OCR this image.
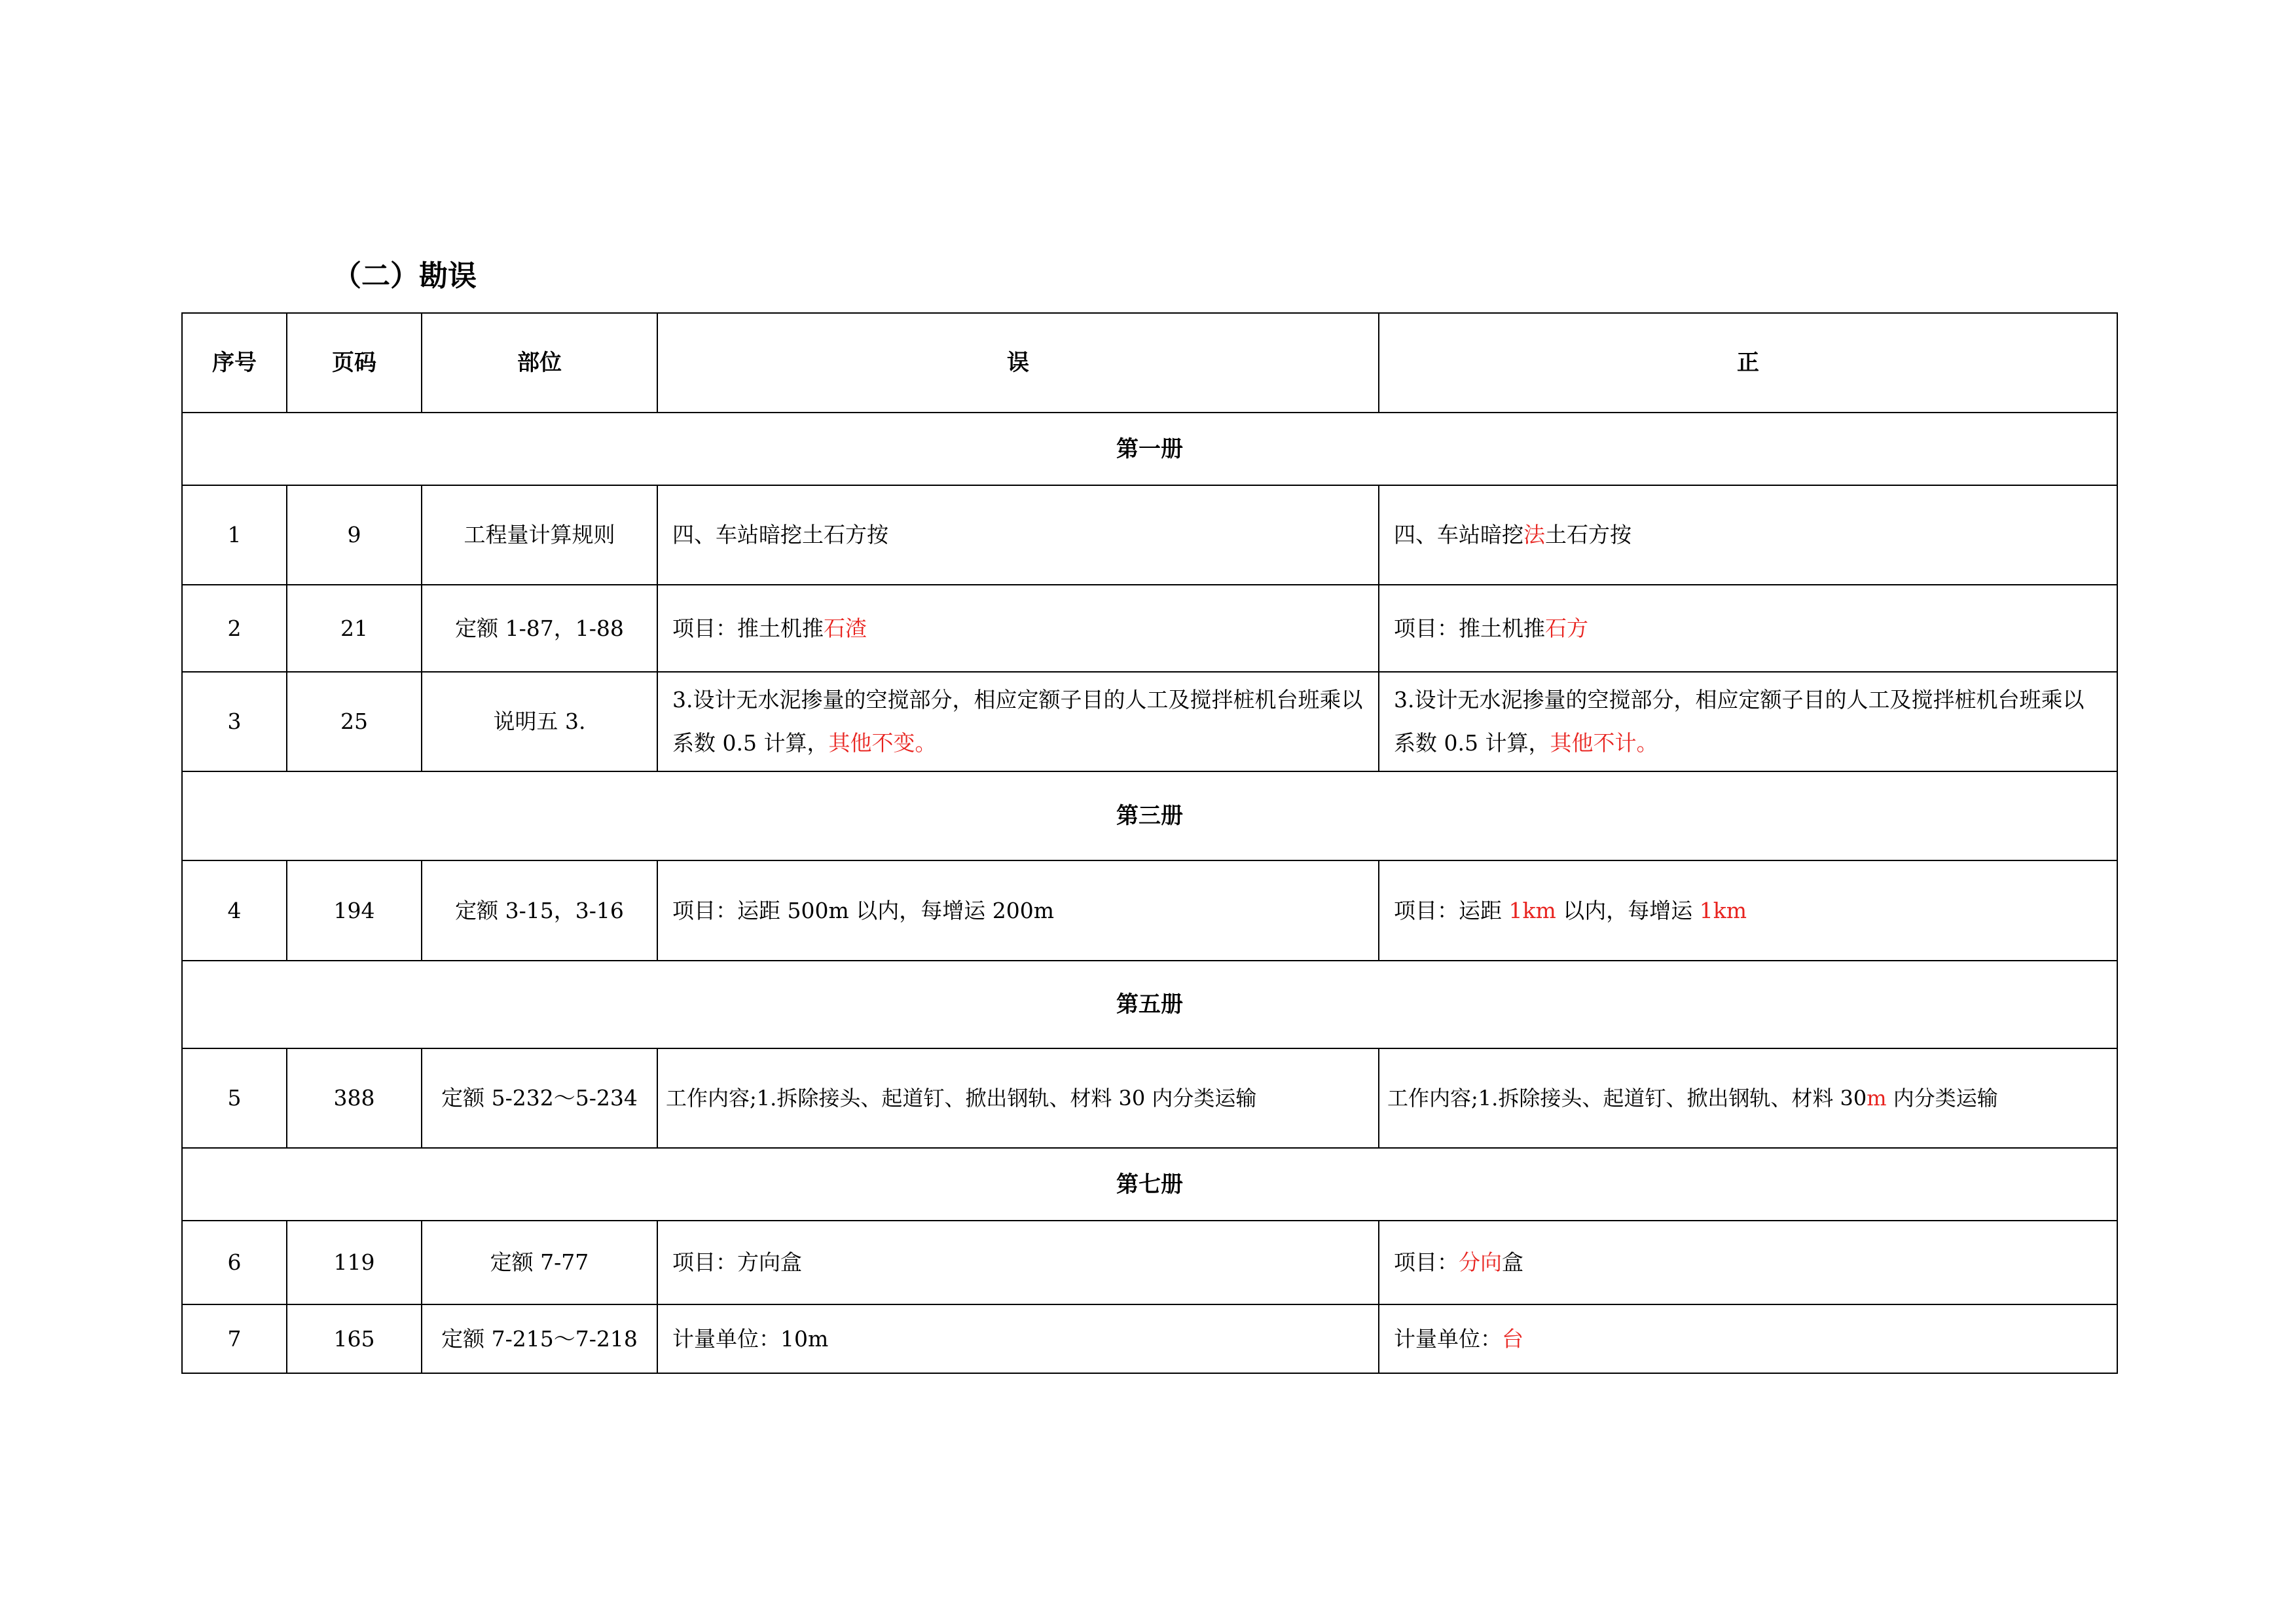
（二）勘误
序号	页码	部位	误	正
第一册				
1	9	工程量计算规则	四、车站暗挖土石方按	四、车站暗挖法土石方按
2	21	定额 1-87，1-88	项目：推土机推石渣	项目：推土机推石方
3	25	说明五 3.	3.设计无水泥掺量的空搅部分，相应定额子目的人工及搅拌桩机台班乘以系数 0.5 计算，其他不变。	3.设计无水泥掺量的空搅部分，相应定额子目的人工及搅拌桩机台班乘以系数 0.5 计算，其他不计。
第三册				
4	194	定额 3-15，3-16	项目：运距 500m 以内，每增运 200m	项目：运距 1km 以内，每增运 1km
第五册				
5	388	定额 5-232～5-234	工作内容;1.拆除接头、起道钉、掀出钢轨、材料 30 内分类运输	工作内容;1.拆除接头、起道钉、掀出钢轨、材料 30m 内分类运输
第七册				
6	119	定额 7-77	项目：方向盒	项目：分向盒
7	165	定额 7-215～7-218	计量单位：10m	计量单位：台
